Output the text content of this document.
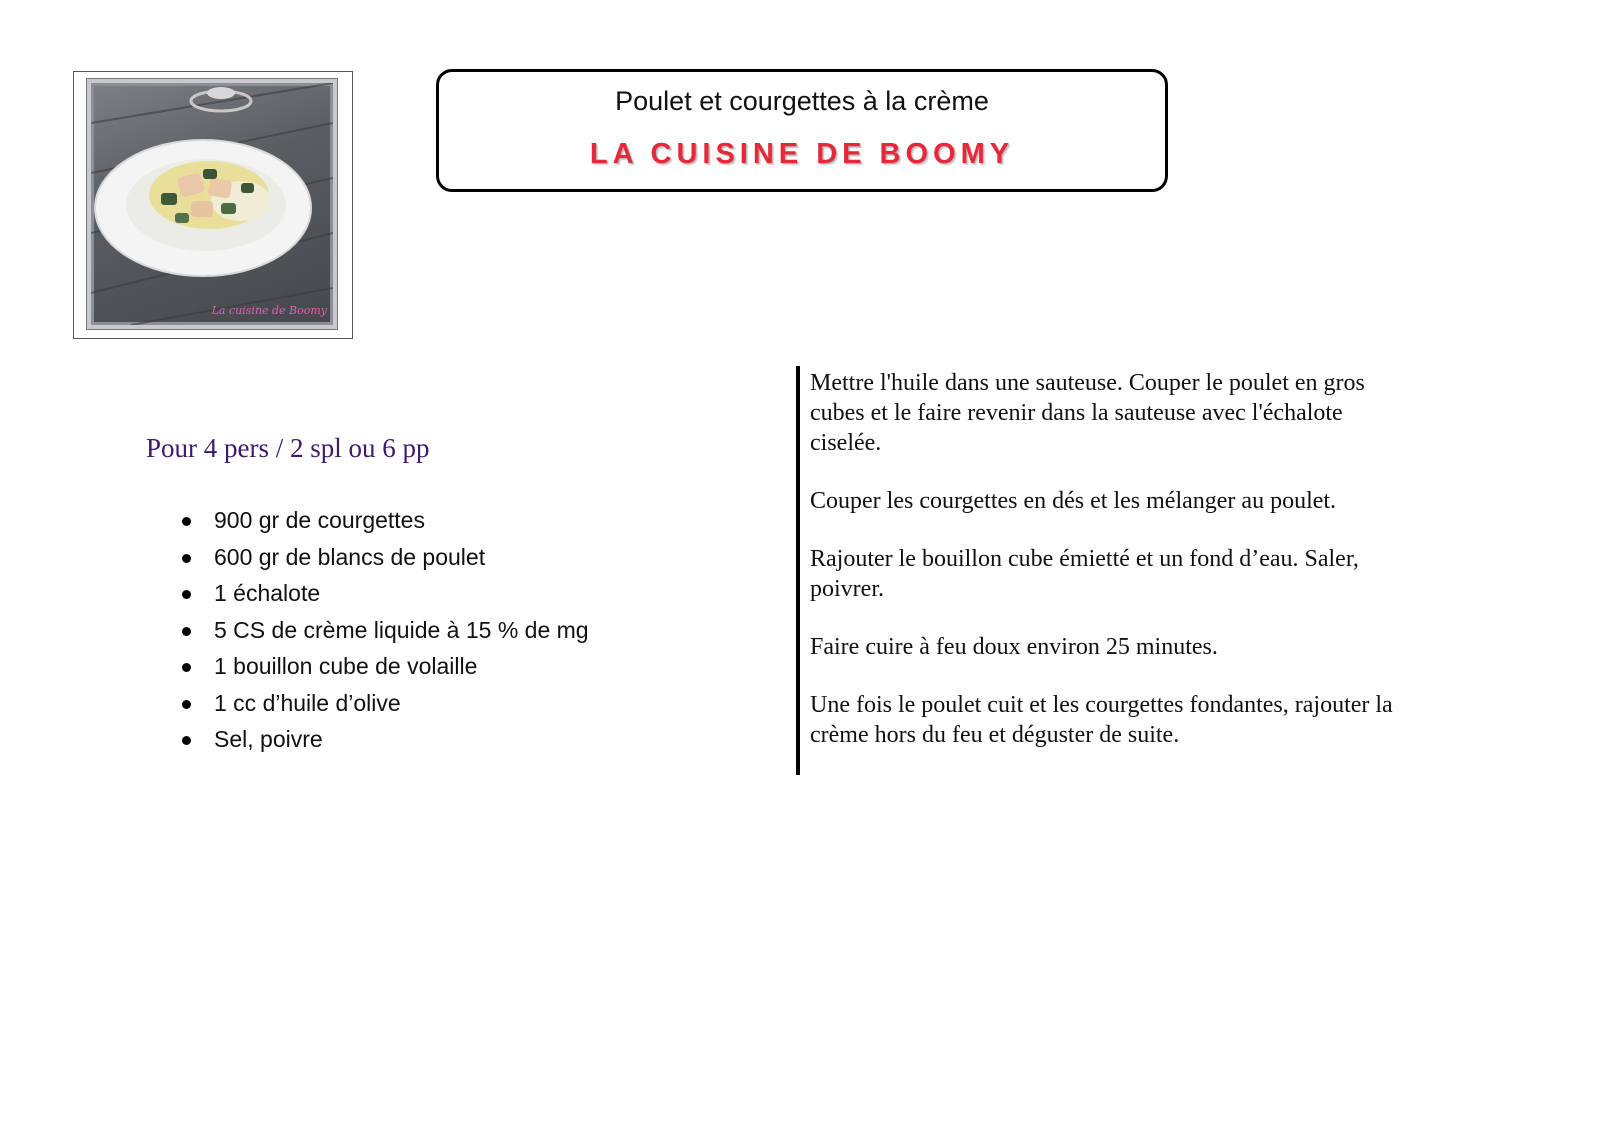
La cuisine de Boomy
Poulet et courgettes à la crème
LA CUISINE DE BOOMY
Pour 4 pers / 2 spl ou 6 pp
900 gr de courgettes
600 gr de blancs de poulet
1 échalote
5 CS de crème liquide à 15 % de mg
1 bouillon cube de volaille
1 cc d’huile d’olive
Sel, poivre

Mettre l'huile dans une sauteuse. Couper le poulet en gros cubes et le faire revenir dans la sauteuse avec l'échalote ciselée.

Couper les courgettes en dés et les mélanger au poulet.

Rajouter le bouillon cube émietté et un fond d’eau. Saler, poivrer.

Faire cuire à feu doux environ 25 minutes.

Une fois le poulet cuit et les courgettes fondantes, rajouter la crème hors du feu et déguster de suite.
